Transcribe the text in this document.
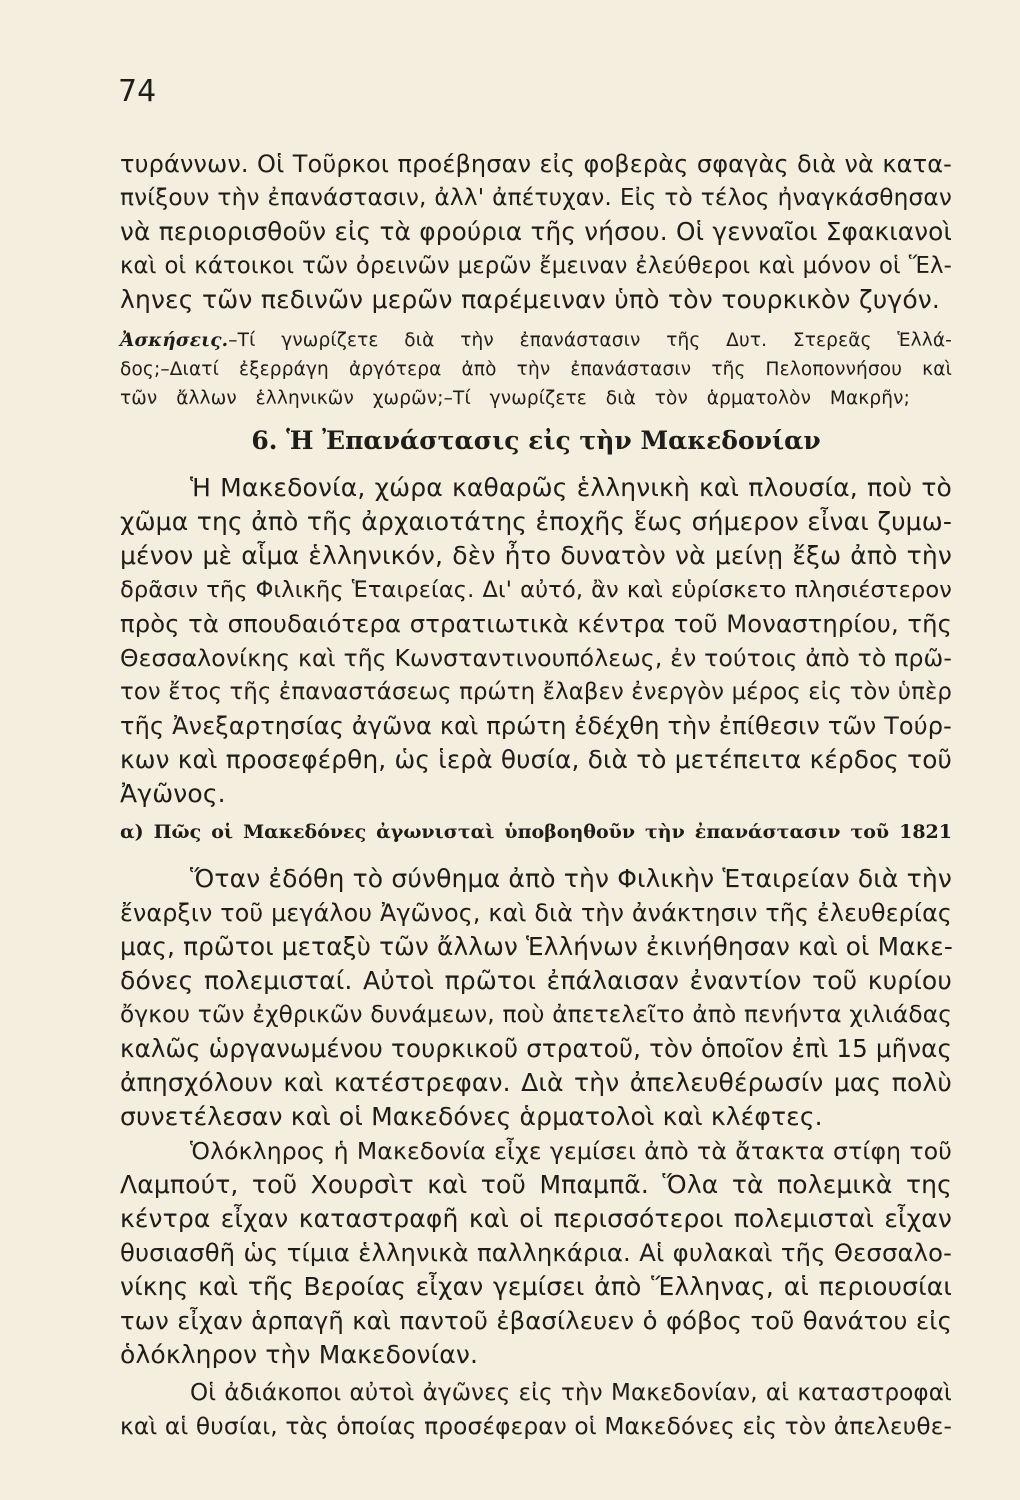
74
τυράννων. Οἱ Τοῦρκοι προέβησαν εἰς φοβερὰς σφαγὰς διὰ νὰ κατα-
πνίξουν τὴν ἐπανάστασιν, ἀλλ' ἀπέτυχαν. Εἰς τὸ τέλος ἠναγκάσθησαν
νὰ περιορισθοῦν εἰς τὰ φρούρια τῆς νήσου. Οἱ γενναῖοι Σφακιανοὶ
καὶ οἱ κάτοικοι τῶν ὀρεινῶν μερῶν ἔμειναν ἐλεύθεροι καὶ μόνον οἱ Ἕλ-
ληνες τῶν πεδινῶν μερῶν παρέμειναν ὑπὸ τὸν τουρκικὸν ζυγόν.
Ἀσκήσεις.–Τί γνωρίζετε διὰ τὴν ἐπανάστασιν τῆς Δυτ. Στερεᾶς Ἑλλά-
δος;–Διατί ἐξερράγη ἀργότερα ἀπὸ τὴν ἐπανάστασιν τῆς Πελοποννήσου καὶ
τῶν ἄλλων ἑλληνικῶν χωρῶν;–Τί γνωρίζετε διὰ τὸν ἁρματολὸν Μακρῆν;
6. Ἡ Ἐπανάστασις εἰς τὴν Μακεδονίαν
Ἡ Μακεδονία, χώρα καθαρῶς ἑλληνικὴ καὶ πλουσία, ποὺ τὸ
χῶμα της ἀπὸ τῆς ἀρχαιοτάτης ἐποχῆς ἕως σήμερον εἶναι ζυμω-
μένον μὲ αἷμα ἑλληνικόν, δὲν ἦτο δυνατὸν νὰ μείνῃ ἔξω ἀπὸ τὴν
δρᾶσιν τῆς Φιλικῆς Ἑταιρείας. Δι' αὐτό, ἂν καὶ εὑρίσκετο πλησιέστερον
πρὸς τὰ σπουδαιότερα στρατιωτικὰ κέντρα τοῦ Μοναστηρίου, τῆς
Θεσσαλονίκης καὶ τῆς Κωνσταντινουπόλεως, ἐν τούτοις ἀπὸ τὸ πρῶ-
τον ἔτος τῆς ἐπαναστάσεως πρώτη ἔλαβεν ἐνεργὸν μέρος εἰς τὸν ὑπὲρ
τῆς Ἀνεξαρτησίας ἀγῶνα καὶ πρώτη ἐδέχθη τὴν ἐπίθεσιν τῶν Τούρ-
κων καὶ προσεφέρθη, ὡς ἱερὰ θυσία, διὰ τὸ μετέπειτα κέρδος τοῦ
Ἀγῶνος.
α) Πῶς οἱ Μακεδόνες ἀγωνισταὶ ὑποβοηθοῦν τὴν ἐπανάστασιν τοῦ 1821
Ὅταν ἐδόθη τὸ σύνθημα ἀπὸ τὴν Φιλικὴν Ἑταιρείαν διὰ τὴν
ἔναρξιν τοῦ μεγάλου Ἀγῶνος, καὶ διὰ τὴν ἀνάκτησιν τῆς ἐλευθερίας
μας, πρῶτοι μεταξὺ τῶν ἄλλων Ἑλλήνων ἐκινήθησαν καὶ οἱ Μακε-
δόνες πολεμισταί. Αὐτοὶ πρῶτοι ἐπάλαισαν ἐναντίον τοῦ κυρίου
ὄγκου τῶν ἐχθρικῶν δυνάμεων, ποὺ ἀπετελεῖτο ἀπὸ πενήντα χιλιάδας
καλῶς ὡργανωμένου τουρκικοῦ στρατοῦ, τὸν ὁποῖον ἐπὶ 15 μῆνας
ἀπησχόλουν καὶ κατέστρεφαν. Διὰ τὴν ἀπελευθέρωσίν μας πολὺ
συνετέλεσαν καὶ οἱ Μακεδόνες ἁρματολοὶ καὶ κλέφτες.
Ὁλόκληρος ἡ Μακεδονία εἶχε γεμίσει ἀπὸ τὰ ἄτακτα στίφη τοῦ
Λαμπούτ, τοῦ Χουρσὶτ καὶ τοῦ Μπαμπᾶ. Ὅλα τὰ πολεμικὰ της
κέντρα εἶχαν καταστραφῆ καὶ οἱ περισσότεροι πολεμισταὶ εἶχαν
θυσιασθῆ ὡς τίμια ἑλληνικὰ παλληκάρια. Αἱ φυλακαὶ τῆς Θεσσαλο-
νίκης καὶ τῆς Βεροίας εἶχαν γεμίσει ἀπὸ Ἕλληνας, αἱ περιουσίαι
των εἶχαν ἁρπαγῆ καὶ παντοῦ ἐβασίλευεν ὁ φόβος τοῦ θανάτου εἰς
ὁλόκληρον τὴν Μακεδονίαν.
Οἱ ἀδιάκοποι αὐτοὶ ἀγῶνες εἰς τὴν Μακεδονίαν, αἱ καταστροφαὶ
καὶ αἱ θυσίαι, τὰς ὁποίας προσέφεραν οἱ Μακεδόνες εἰς τὸν ἀπελευθε-
